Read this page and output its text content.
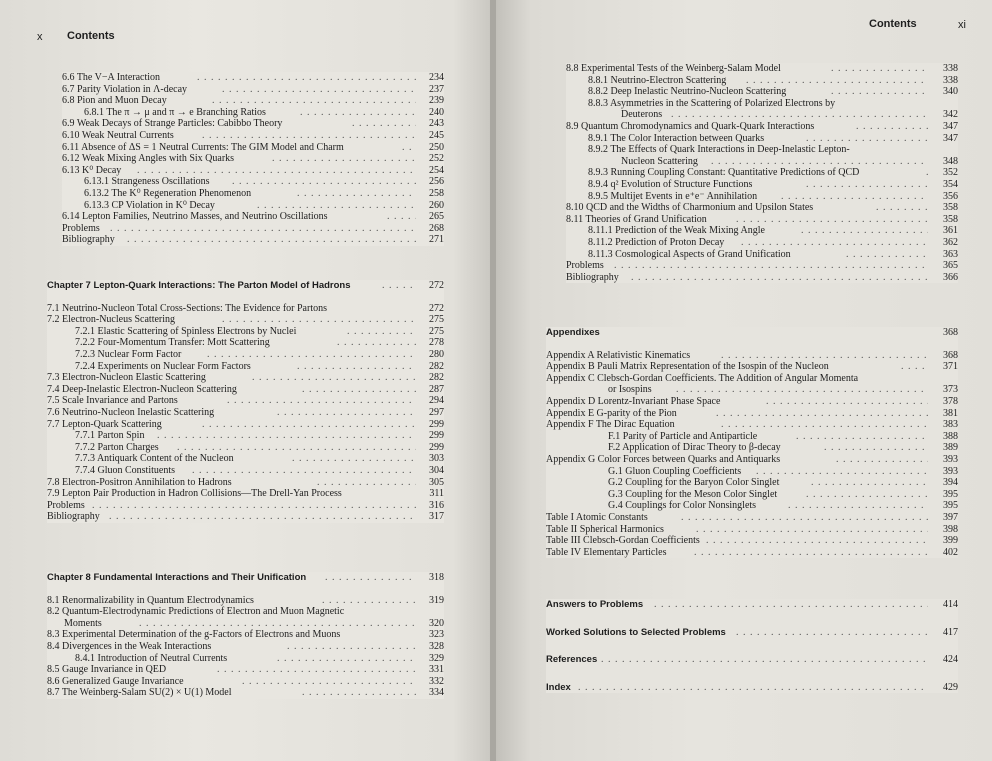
x Contents
. . .
6.6 The V−A Interaction	234
. . .
6.7 Parity Violation in Λ-decay	237
. . .
6.8 Pion and Muon Decay	239
. . .
6.8.1 The π → μ and π → e Branching Ratios	240
. . .
6.9 Weak Decays of Strange Particles: Cabibbo Theory	243
. . .
6.10 Weak Neutral Currents	245
. . .
6.11 Absence of ΔS = 1 Neutral Currents: The GIM Model and Charm	250
. . .
6.12 Weak Mixing Angles with Six Quarks	252
. . .
6.13 K⁰ Decay	254
. . .
6.13.1 Strangeness Oscillations	256
. . .
6.13.2 The K⁰ Regeneration Phenomenon	258
. . .
6.13.3 CP Violation in K⁰ Decay	260
. . .
6.14 Lepton Families, Neutrino Masses, and Neutrino Oscillations	265
. . .
Problems	268
. . .
Bibliography	271
. . .
Chapter 7 Lepton-Quark Interactions: The Parton Model of Hadrons	272
7.1 Neutrino-Nucleon Total Cross-Sections: The Evidence for Partons	272
. . .
7.2 Electron-Nucleus Scattering	275
. . .
7.2.1 Elastic Scattering of Spinless Electrons by Nuclei	275
. . .
7.2.2 Four-Momentum Transfer: Mott Scattering	278
. . .
7.2.3 Nuclear Form Factor	280
. . .
7.2.4 Experiments on Nuclear Form Factors	282
. . .
7.3 Electron-Nucleon Elastic Scattering	282
. . .
7.4 Deep-Inelastic Electron-Nucleon Scattering	287
. . .
7.5 Scale Invariance and Partons	294
. . .
7.6 Neutrino-Nucleon Inelastic Scattering	297
. . .
7.7 Lepton-Quark Scattering	299
. . .
7.7.1 Parton Spin	299
. . .
7.7.2 Parton Charges	299
. . .
7.7.3 Antiquark Content of the Nucleon	303
. . .
7.7.4 Gluon Constituents	304
. . .
7.8 Electron-Positron Annihilation to Hadrons	305
7.9 Lepton Pair Production in Hadron Collisions—The Drell-Yan Process	311
. . .
Problems	316
. . .
Bibliography	317
. . .
Chapter 8 Fundamental Interactions and Their Unification	318
. . .
8.1 Renormalizability in Quantum Electrodynamics	319
8.2 Quantum-Electrodynamic Predictions of Electron and Muon Magnetic
. . .
Moments	320
8.3 Experimental Determination of the g-Factors of Electrons and Muons	323
. . .
8.4 Divergences in the Weak Interactions	328
. . .
8.4.1 Introduction of Neutral Currents	329
. . .
8.5 Gauge Invariance in QED	331
. . .
8.6 Generalized Gauge Invariance	332
. . .
8.7 The Weinberg-Salam SU(2) × U(1) Model	334
Contents	xi
. . .
8.8 Experimental Tests of the Weinberg-Salam Model	338
. . .
8.8.1 Neutrino-Electron Scattering	338
. . .
8.8.2 Deep Inelastic Neutrino-Nucleon Scattering	340
8.8.3 Asymmetries in the Scattering of Polarized Electrons by
. . .
Deuterons	342
. . .
8.9 Quantum Chromodynamics and Quark-Quark Interactions	347
. . .
8.9.1 The Color Interaction between Quarks	347
8.9.2 The Effects of Quark Interactions in Deep-Inelastic Lepton-
. . .
Nucleon Scattering	348
. . .
8.9.3 Running Coupling Constant: Quantitative Predictions of QCD	352
. . .
8.9.4 q² Evolution of Structure Functions	354
. . .
8.9.5 Multijet Events in e⁺e⁻ Annihilation	356
. . .
8.10 QCD and the Widths of Charmonium and Upsilon States	358
. . .
8.11 Theories of Grand Unification	358
. . .
8.11.1 Prediction of the Weak Mixing Angle	361
. . .
8.11.2 Prediction of Proton Decay	362
. . .
8.11.3 Cosmological Aspects of Grand Unification	363
. . .
Problems	365
. . .
Bibliography	366
Appendixes	368
. . .
Appendix A Relativistic Kinematics	368
. . .
Appendix B Pauli Matrix Representation of the Isospin of the Nucleon	371
Appendix C Clebsch-Gordan Coefficients. The Addition of Angular Momenta
. . .
or Isospins	373
. . .
Appendix D Lorentz-Invariant Phase Space	378
. . .
Appendix E G-parity of the Pion	381
. . .
Appendix F The Dirac Equation	383
. . .
F.1 Parity of Particle and Antiparticle	388
. . .
F.2 Application of Dirac Theory to β-decay	389
. . .
Appendix G Color Forces between Quarks and Antiquarks	393
. . .
G.1 Gluon Coupling Coefficients	393
. . .
G.2 Coupling for the Baryon Color Singlet	394
. . .
G.3 Coupling for the Meson Color Singlet	395
. . .
G.4 Couplings for Color Nonsinglets	395
. . .
Table I Atomic Constants	397
. . .
Table II Spherical Harmonics	398
. . .
Table III Clebsch-Gordan Coefficients	399
. . .
Table IV Elementary Particles	402
. . .
Answers to Problems	414
. . .
Worked Solutions to Selected Problems	417
. . .
References	424
. . .
Index	429
